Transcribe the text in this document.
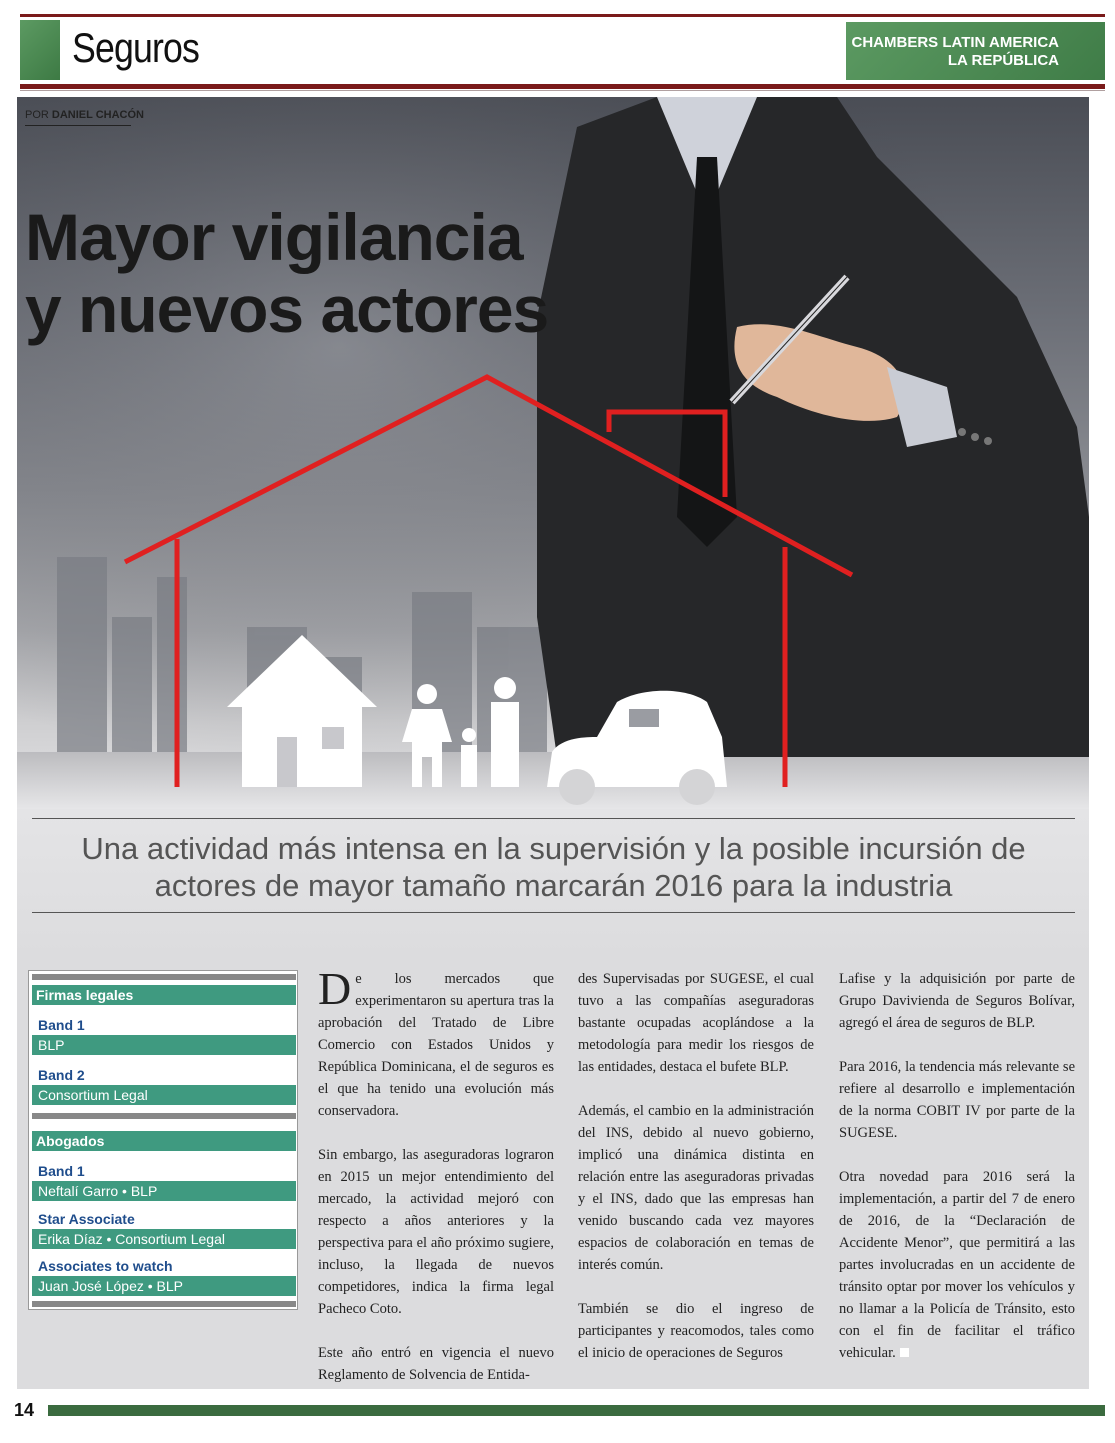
Seguros	CHAMBERS LATIN AMERICA
LA REPÚBLICA
POR DANIEL CHACÓN
Mayor vigilancia
y nuevos actores
Una actividad más intensa en la supervisión y la posible incursión de
actores de mayor tamaño marcarán 2016 para la industria
Firmas legales
Band 1
BLP
Band 2
Consortium Legal
Abogados
Band 1
Neftalí Garro • BLP
Star Associate
Erika Díaz • Consortium Legal
Associates to watch
Juan José López • BLP

De los mercados que experimentaron su apertura tras la aprobación del Tratado de Libre Comercio con Estados Unidos y República Dominicana, el de seguros es el que ha tenido una evolución más conservadora.

Sin embargo, las aseguradoras lograron en 2015 un mejor entendimiento del mercado, la actividad mejoró con respecto a años anteriores y la perspectiva para el año próximo sugiere, incluso, la llegada de nuevos competidores, indica la firma legal Pacheco Coto.

Este año entró en vigencia el nuevo Reglamento de Solvencia de Entida-

des Supervisadas por SUGESE, el cual tuvo a las compañías aseguradoras bastante ocupadas acoplándose a la metodología para medir los riesgos de las entidades, destaca el bufete BLP.

Además, el cambio en la administración del INS, debido al nuevo gobierno, implicó una dinámica distinta en relación entre las aseguradoras privadas y el INS, dado que las empresas han venido buscando cada vez mayores espacios de colaboración en temas de interés común.

También se dio el ingreso de participantes y reacomodos, tales como el inicio de operaciones de Seguros

Lafise y la adquisición por parte de Grupo Davivienda de Seguros Bolívar, agregó el área de seguros de BLP.

Para 2016, la tendencia más relevante se refiere al desarrollo e implementación de la norma COBIT IV por parte de la SUGESE.

Otra novedad para 2016 será la implementación, a partir del 7 de enero de 2016, de la “Declaración de Accidente Menor”, que permitirá a las partes involucradas en un accidente de tránsito optar por mover los vehículos y no llamar a la Policía de Tránsito, esto con el fin de facilitar el tráfico vehicular.

14
